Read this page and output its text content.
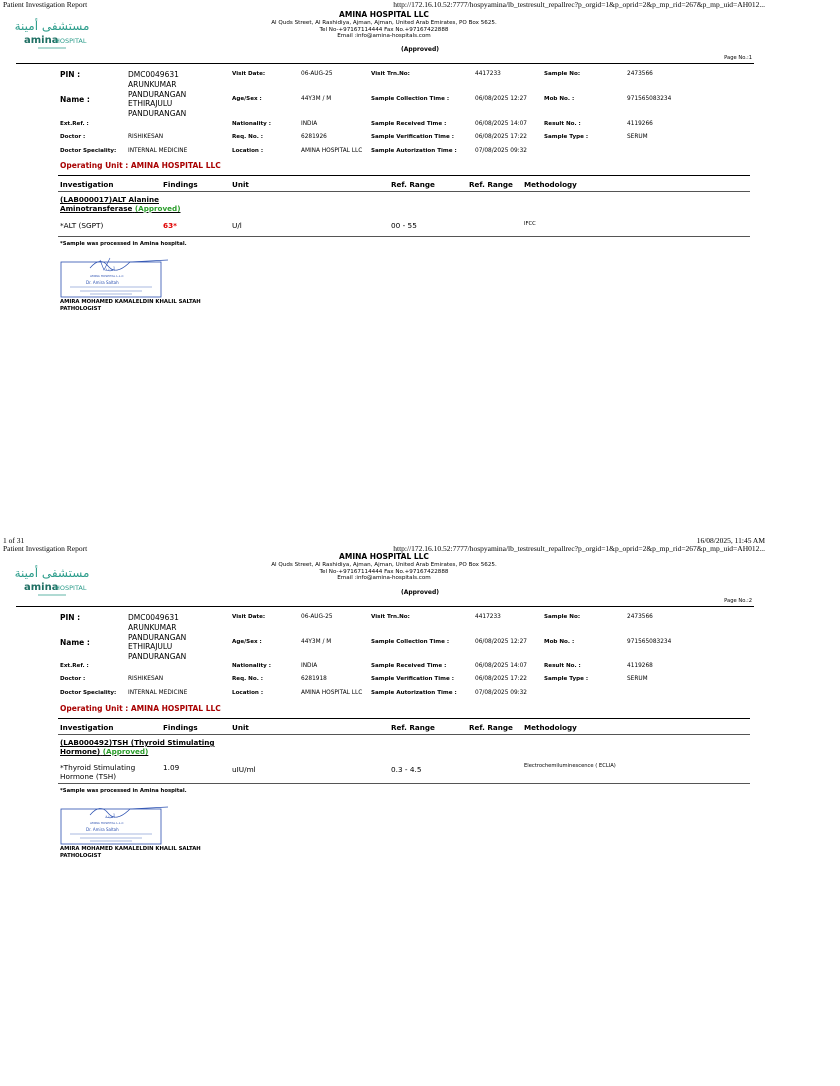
Patient Investigation Report	http://172.16.10.52:7777/hospyamina/lb_testresult_repallrec?p_orgid=1&p_oprid=2&p_mp_rid=267&p_mp_uid=AH012...
مستشفى أمينة
amina
HOSPITAL
AMINA HOSPITAL LLC
Al Quds Street, Al Rashidiya, Ajman, Ajman, United Arab Emirates, PO Box 5625.
Tel No-+97167114444 Fax No.+97167422888
Email :info@amina-hospitals.com
(Approved)
Page No.:1
PIN :	DMC0049631
Name :
ARUNKUMAR
PANDURANGAN
ETHIRAJULU
PANDURANGAN
Ext.Ref. :
Doctor :	RISHIKESAN
Doctor Speciality: INTERNAL MEDICINE
Visit Date:	06-AUG-25
Age/Sex :	44Y3M / M
Nationality :	INDIA
Req. No. :	6281926
Location :	AMINA HOSPITAL LLC
Visit Trn.No:	4417233
Sample Collection Time :	06/08/2025 12:27
Sample Received Time :	06/08/2025 14:07
Sample Verification Time :	06/08/2025 17:22
Sample Autorization Time :	07/08/2025 09:32
Sample No:	2473566
Mob No. :	971565083234
Result No. :	4119266
Sample Type :	SERUM
Operating Unit : AMINA HOSPITAL LLC
Investigation	Findings	Unit	Ref. Range	Ref. Range Methodology
(LAB000017)ALT Alanine
Aminotransferase (Approved)
*ALT (SGPT)	63*	U/l	00 - 55	IFCC
*Sample was processed in Amina hospital.
أمينة
AMINA HOSPITAL L.L.C
Dr. Amira Saltah
AMIRA MOHAMED KAMALELDIN KHALIL SALTAH
PATHOLOGIST
1 of 31	16/08/2025, 11:45 AM
Patient Investigation Report	http://172.16.10.52:7777/hospyamina/lb_testresult_repallrec?p_orgid=1&p_oprid=2&p_mp_rid=267&p_mp_uid=AH012...
مستشفى أمينة
amina
HOSPITAL
AMINA HOSPITAL LLC
Al Quds Street, Al Rashidiya, Ajman, Ajman, United Arab Emirates, PO Box 5625.
Tel No-+97167114444 Fax No.+97167422888
Email :info@amina-hospitals.com
(Approved)
Page No.:2
PIN :	DMC0049631
Name :
ARUNKUMAR
PANDURANGAN
ETHIRAJULU
PANDURANGAN
Ext.Ref. :
Doctor :	RISHIKESAN
Doctor Speciality: INTERNAL MEDICINE
Visit Date:	06-AUG-25
Age/Sex :	44Y3M / M
Nationality :	INDIA
Req. No. :	6281918
Location :	AMINA HOSPITAL LLC
Visit Trn.No:	4417233
Sample Collection Time :	06/08/2025 12:27
Sample Received Time :	06/08/2025 14:07
Sample Verification Time :	06/08/2025 17:22
Sample Autorization Time :	07/08/2025 09:32
Sample No:	2473566
Mob No. :	971565083234
Result No. :	4119268
Sample Type :	SERUM
Operating Unit : AMINA HOSPITAL LLC
Investigation	Findings	Unit	Ref. Range	Ref. Range Methodology
(LAB000492)TSH (Thyroid Stimulating
Hormone) (Approved)
*Thyroid Stimulating
Hormone (TSH)
1.09	uIU/ml	0.3 - 4.5	Electrochemiluminescence ( ECLIA)
*Sample was processed in Amina hospital.
أمينة
AMINA HOSPITAL L.L.C
Dr. Amira Saltah
AMIRA MOHAMED KAMALELDIN KHALIL SALTAH
PATHOLOGIST
